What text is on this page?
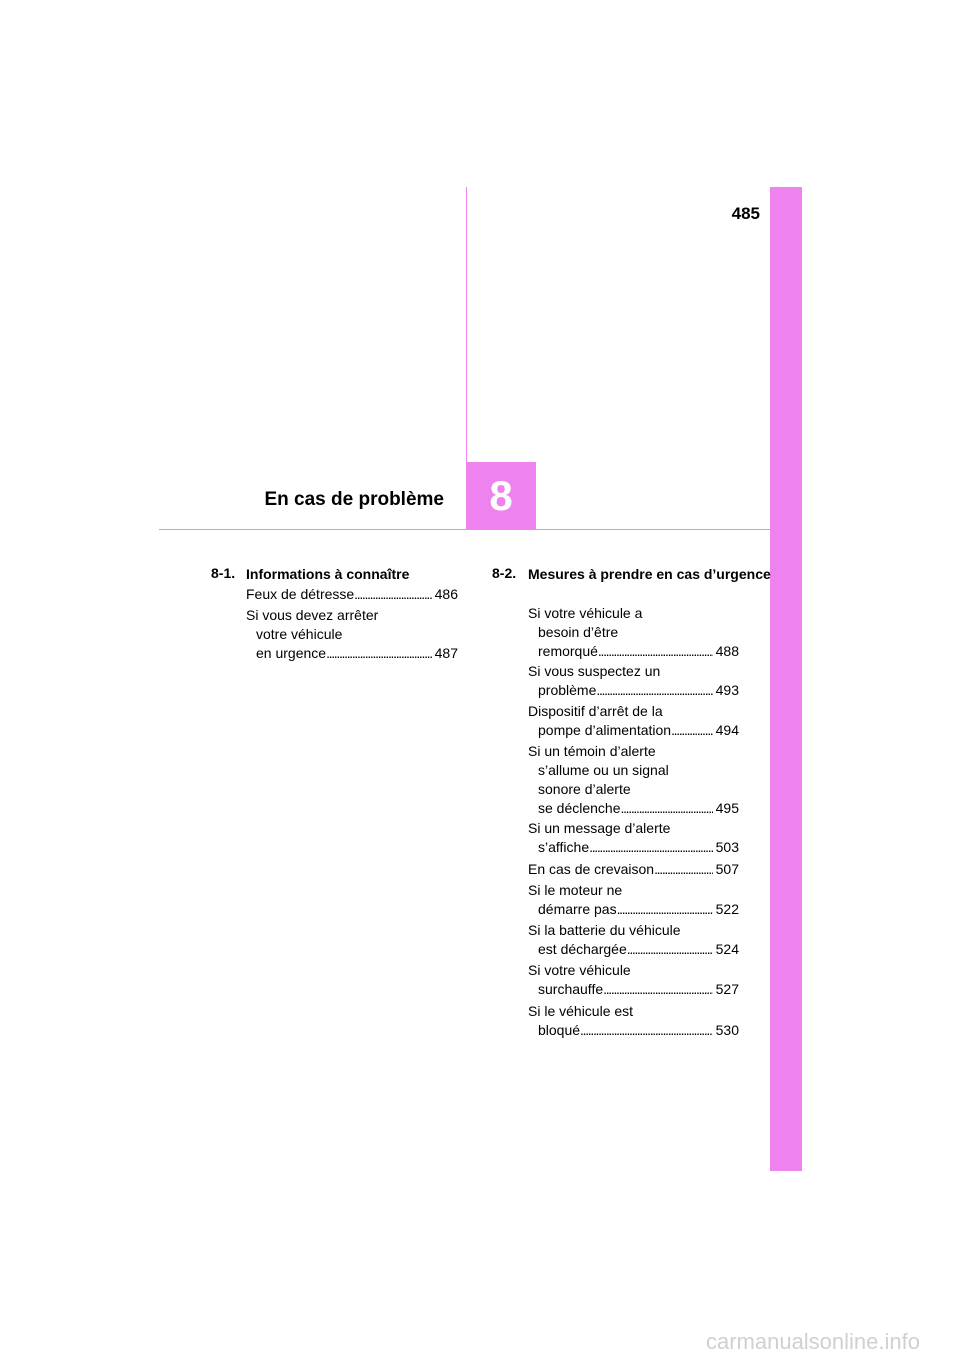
485
8
En cas de problème
8-1. Informations à connaître
Feux de détresse . . .	486
Si vous devez arrêter
votre véhicule
en urgence . . .	487
8-2. Mesures à prendre en cas d’urgence
Si votre véhicule a
besoin d’être
remorqué . . .	488
Si vous suspectez un
problème . . .	493
Dispositif d’arrêt de la
pompe d’alimentation . . .	494
Si un témoin d’alerte
s’allume ou un signal
sonore d’alerte
se déclenche . . .	495
Si un message d’alerte
s’affiche . . .	503
En cas de crevaison . . .	507
Si le moteur ne
démarre pas . . .	522
Si la batterie du véhicule
est déchargée . . .	524
Si votre véhicule
surchauffe . . .	527
Si le véhicule est
bloqué . . .	530
carmanualsonline.info
